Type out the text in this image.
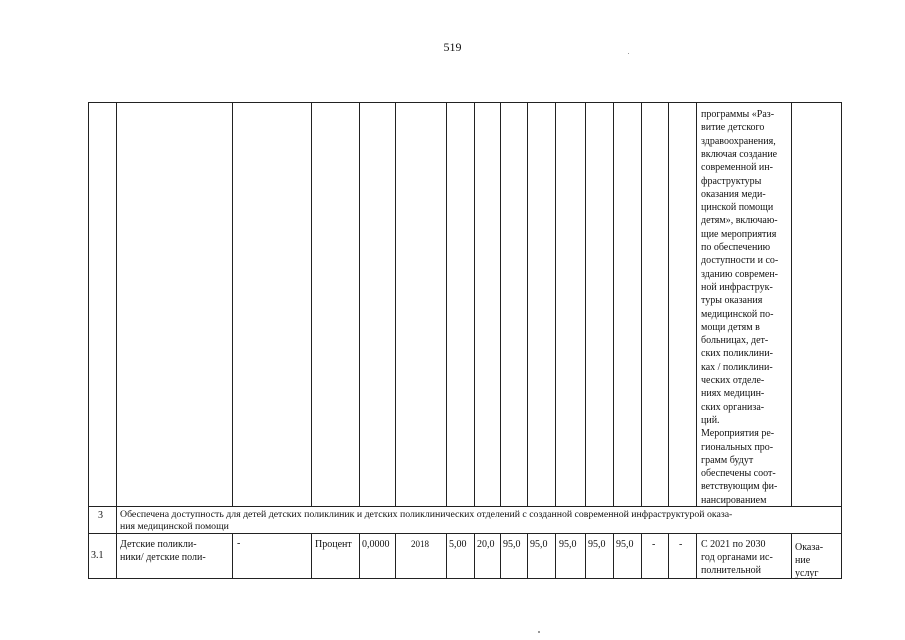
519
программы «Раз-
витие детского
здравоохранения,
включая создание
современной ин-
фраструктуры
оказания меди-
цинской помощи
детям», включаю-
щие мероприятия
по обеспечению
доступности и со-
зданию современ-
ной инфраструк-
туры оказания
медицинской по-
мощи детям в
больницах, дет-
ских поликлини-
ках / поликлини-
ческих отделе-
ниях медицин-
ских организа-
ций.
Мероприятия ре-
гиональных про-
грамм будут
обеспечены соот-
ветствующим фи-
нансированием
3 Обеспечена доступность для детей детских поликлиник и детских поликлинических отделений с созданной современной инфраструктурой оказа-
ния медицинской помощи
3.1
Детские поликли-
ники/ детские поли-
-	Процент 0,0000 2018 5,00 20,0 95,0 95,0 95,0 95,0 95,0 - - С 2021 по 2030
год органами ис-
полнительной
Оказа-
ние
услуг
